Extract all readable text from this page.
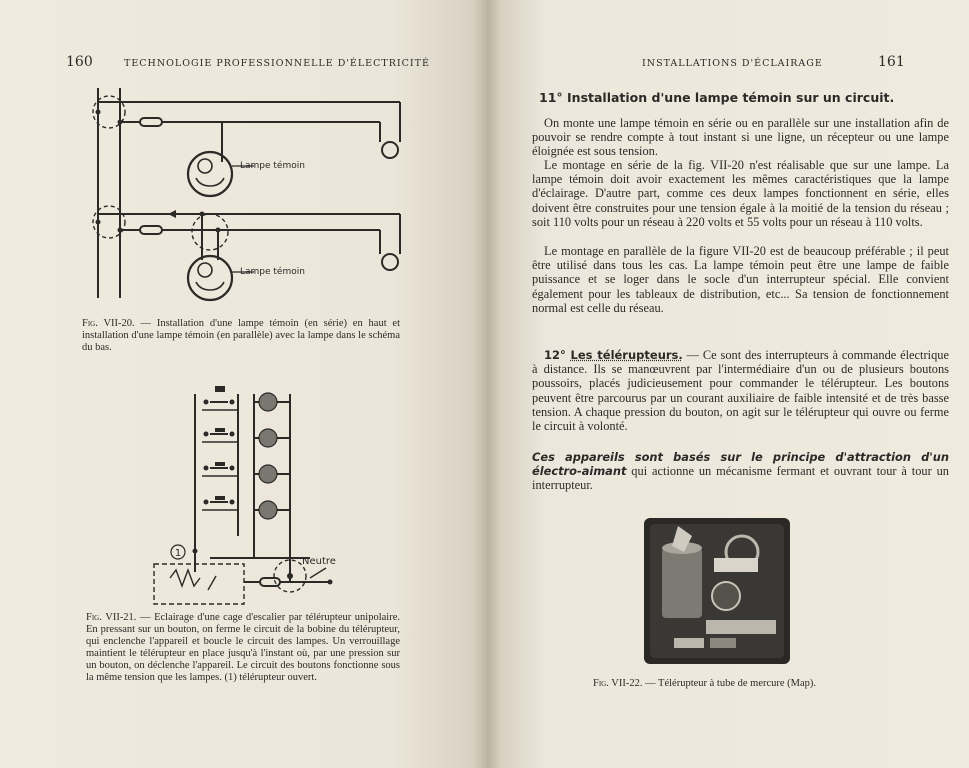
160	TECHNOLOGIE PROFESSIONNELLE D'ÉLECTRICITÉ
Lampe témoin
Lampe témoin
Fig. VII-20. — Installation d'une lampe témoin (en série) en haut et installation d'une lampe témoin (en parallèle) avec la lampe dans le schéma du bas.
1
Neutre
Fig. VII-21. — Eclairage d'une cage d'escalier par télérupteur unipolaire. En pressant sur un bouton, on ferme le circuit de la bobine du télérupteur, qui enclenche l'appareil et boucle le circuit des lampes. Un verrouillage maintient le télérupteur en place jusqu'à l'instant où, par une pression sur un bouton, on déclenche l'appareil. Le circuit des boutons fonctionne sous la même tension que les lampes. (1) télérupteur ouvert.
INSTALLATIONS D'ÉCLAIRAGE	161
11° Installation d'une lampe témoin sur un circuit.

On monte une lampe témoin en série ou en parallèle sur une installation afin de pouvoir se rendre compte à tout instant si une ligne, un récepteur ou une lampe éloignée est sous tension.

Le montage en série de la fig. VII-20 n'est réalisable que sur une lampe. La lampe témoin doit avoir exactement les mêmes caractéristiques que la lampe d'éclairage. D'autre part, comme ces deux lampes fonctionnent en série, elles doivent être construites pour une tension égale à la moitié de la tension du réseau ; soit 110 volts pour un réseau à 220 volts et 55 volts pour un réseau à 110 volts.

Le montage en parallèle de la figure VII-20 est de beaucoup préférable ; il peut être utilisé dans tous les cas. La lampe témoin peut être une lampe de faible puissance et se loger dans le socle d'un interrupteur spécial. Elle convient également pour les tableaux de distribution, etc... Sa tension de fonctionnement normal est celle du réseau.

12° Les télérupteurs. — Ce sont des interrupteurs à commande électrique à distance. Ils se manœuvrent par l'intermédiaire d'un ou de plusieurs boutons poussoirs, placés judicieusement pour commander le télérupteur. Les boutons peuvent être parcourus par un courant auxiliaire de faible intensité et de très basse tension. A chaque pression du bouton, on agit sur le télérupteur qui ouvre ou ferme le circuit à volonté.

Ces appareils sont basés sur le principe d'attraction d'un électro-aimant qui actionne un mécanisme fermant et ouvrant tour à tour un interrupteur.

Fig. VII-22. — Télérupteur à tube de mercure (Map).
